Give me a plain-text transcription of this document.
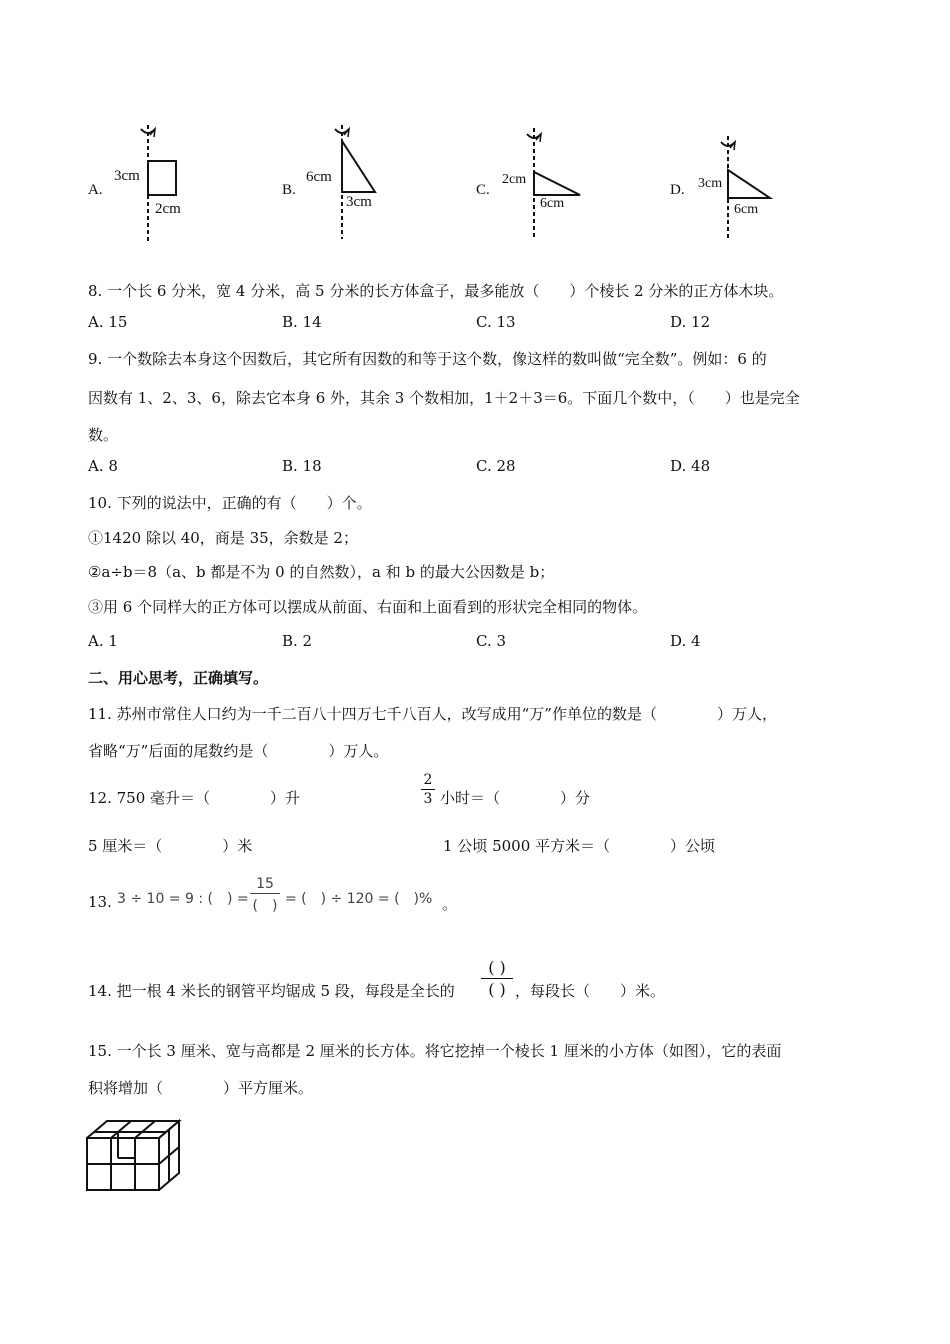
A.
3cm
2cm
B.
6cm
3cm
C.
2cm
6cm
D. 3cm
6cm
8. 一个长 6 分米，宽 4 分米，高 5 分米的长方体盒子，最多能放（　　）个棱长 2 分米的正方体木块。
A. 15	B. 14	C. 13	D. 12
9. 一个数除去本身这个因数后，其它所有因数的和等于这个数，像这样的数叫做“完全数”。例如：6 的
因数有 1、2、3、6，除去它本身 6 外，其余 3 个数相加，1＋2＋3＝6。下面几个数中，（　　）也是完全
数。
A. 8	B. 18	C. 28	D. 48
10. 下列的说法中，正确的有（　　）个。
①1420 除以 40，商是 35，余数是 2；
②a÷b＝8（a、b 都是不为 0 的自然数），a 和 b 的最大公因数是 b；
③用 6 个同样大的正方体可以摆成从前面、右面和上面看到的形状完全相同的物体。
A. 1	B. 2	C. 3	D. 4
二、用心思考，正确填写。
11. 苏州市常住人口约为一千二百八十四万七千八百人，改写成用“万”作单位的数是（　　　　）万人，
省略“万”后面的尾数约是（　　　　）万人。
12. 750 毫升＝（　　　　）升
2
3 小时＝（　　　　）分
5 厘米＝（　　　　）米	1 公顷 5000 平方米＝（　　　　）公顷
13. 3 ÷ 10 = 9 : (　) =
15
(　) = (　) ÷ 120 = (　)% 。
14. 把一根 4 米长的钢管平均锯成 5 段，每段是全长的
( )
( ) ，每段长（　　）米。
15. 一个长 3 厘米、宽与高都是 2 厘米的长方体。将它挖掉一个棱长 1 厘米的小方体（如图），它的表面
积将增加（　　　　）平方厘米。
